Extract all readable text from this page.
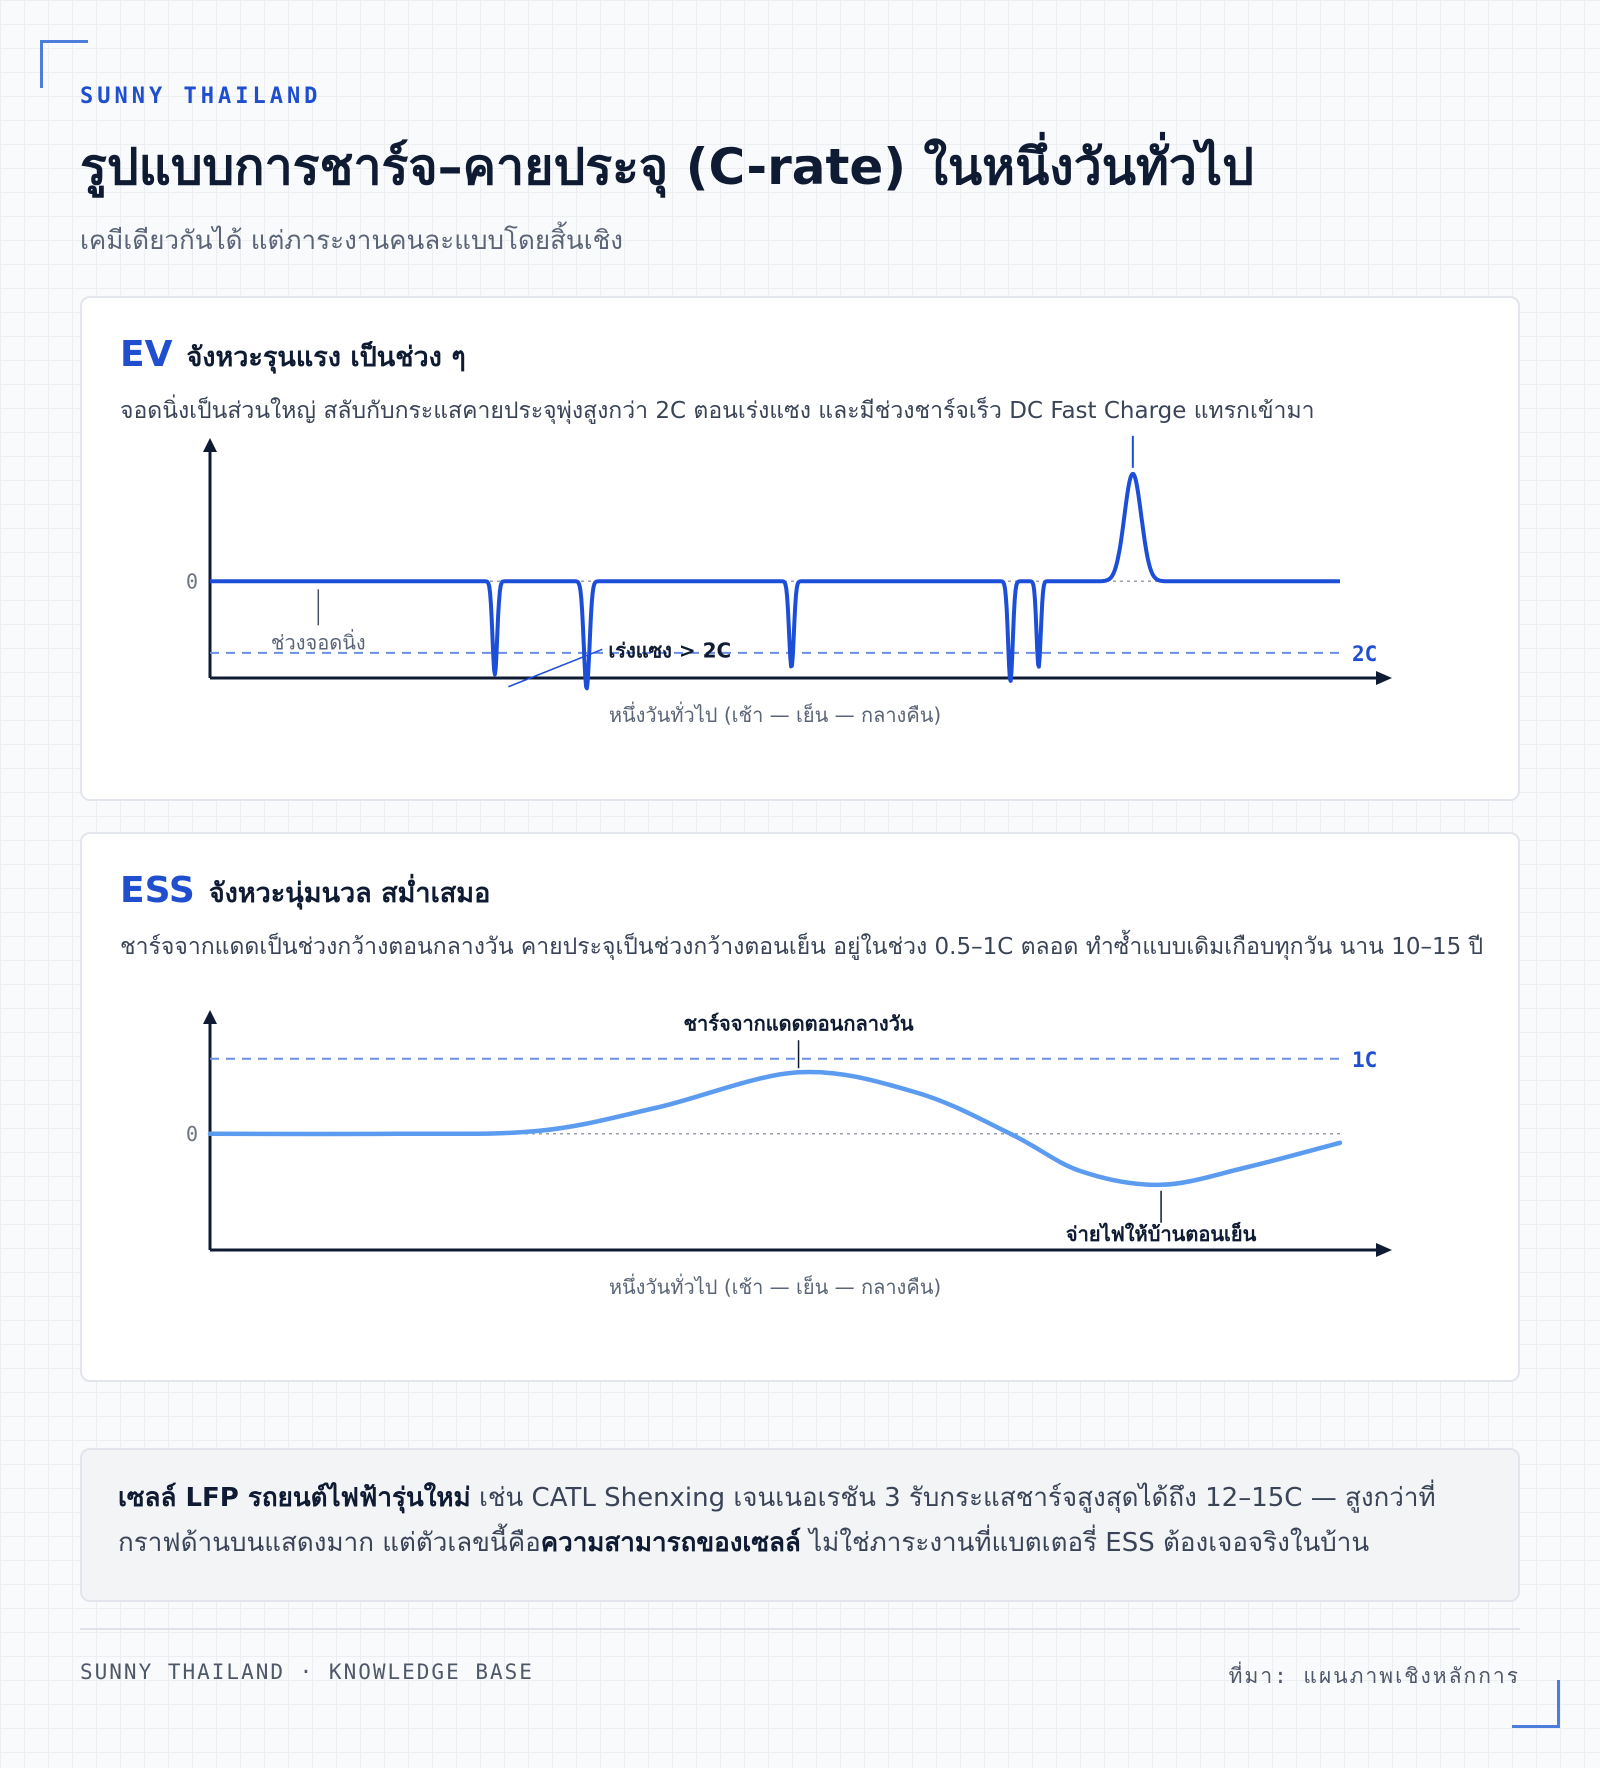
SUNNY THAILAND
รูปแบบการชาร์จ–คายประจุ (C-rate) ในหนึ่งวันทั่วไป
เคมีเดียวกันได้ แต่ภาระงานคนละแบบโดยสิ้นเชิง
EV จังหวะรุนแรง เป็นช่วง ๆ
จอดนิ่งเป็นส่วนใหญ่ สลับกับกระแสคายประจุพุ่งสูงกว่า 2C ตอนเร่งแซง และมีช่วงชาร์จเร็ว DC Fast Charge แทรกเข้ามา
0
2C
หนึ่งวันทั่วไป (เช้า — เย็น — กลางคืน)
ช่วงจอดนิ่ง	เร่งแซง > 2C
ESS จังหวะนุ่มนวล สม่ำเสมอ
ชาร์จจากแดดเป็นช่วงกว้างตอนกลางวัน คายประจุเป็นช่วงกว้างตอนเย็น อยู่ในช่วง 0.5–1C ตลอด ทำซ้ำแบบเดิมเกือบทุกวัน นาน 10–15 ปี
0
1C
หนึ่งวันทั่วไป (เช้า — เย็น — กลางคืน)
ชาร์จจากแดดตอนกลางวัน
จ่ายไฟให้บ้านตอนเย็น
เซลล์ LFP รถยนต์ไฟฟ้ารุ่นใหม่ เช่น CATL Shenxing เจนเนอเรชัน 3 รับกระแสชาร์จสูงสุดได้ถึง 12–15C — สูงกว่าที่กราฟด้านบนแสดงมาก แต่ตัวเลขนี้คือความสามารถของเซลล์ ไม่ใช่ภาระงานที่แบตเตอรี่ ESS ต้องเจอจริงในบ้าน
SUNNY THAILAND · KNOWLEDGE BASE	ที่มา: แผนภาพเชิงหลักการ
